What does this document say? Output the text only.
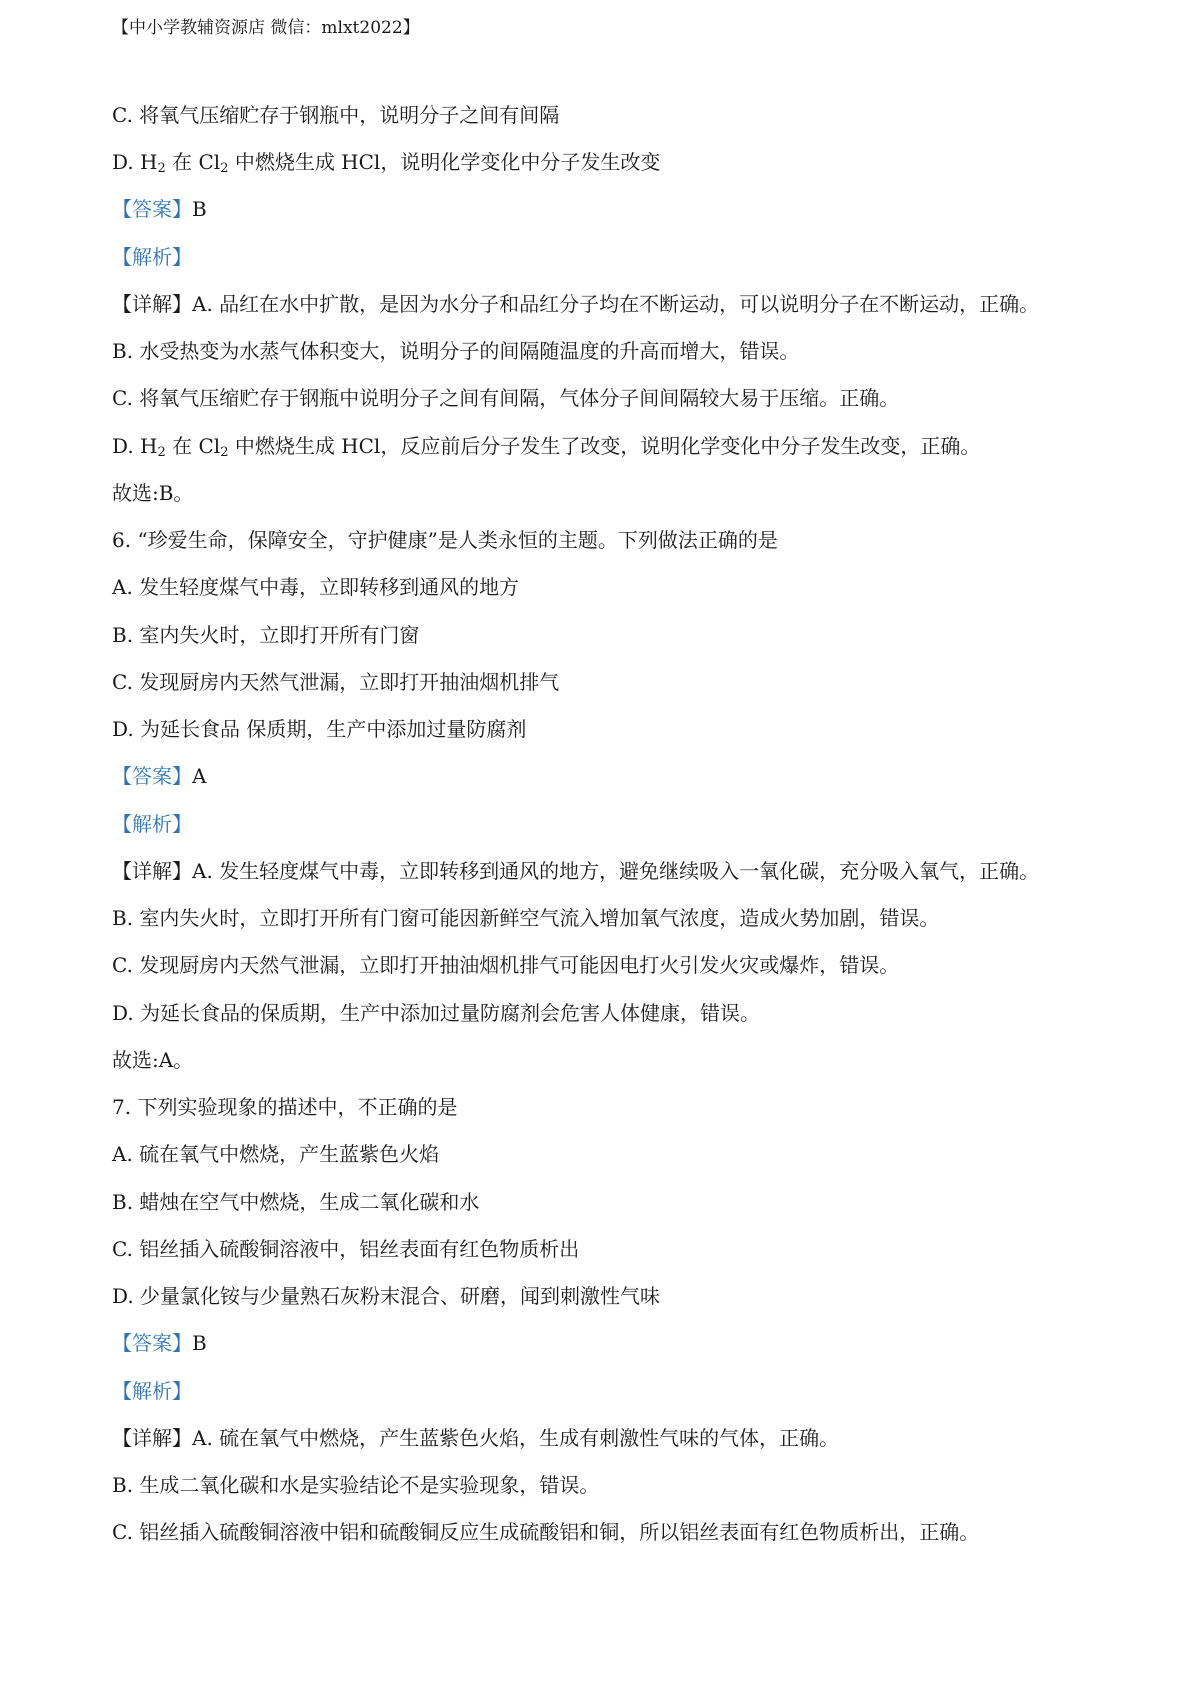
【中小学教辅资源店 微信：mlxt2022】
C. 将氧气压缩贮存于钢瓶中，说明分子之间有间隔
D. $H_2$ 在 $Cl_2$ 中燃烧生成 HCl，说明化学变化中分子发生改变
【答案】B
【解析】
【详解】A. 品红在水中扩散，是因为水分子和品红分子均在不断运动，可以说明分子在不断运动，正确。
B. 水受热变为水蒸气体积变大，说明分子的间隔随温度的升高而增大，错误。
C. 将氧气压缩贮存于钢瓶中说明分子之间有间隔，气体分子间间隔较大易于压缩。正确。
D. $H_2$ 在 $Cl_2$ 中燃烧生成 HCl，反应前后分子发生了改变，说明化学变化中分子发生改变，正确。
故选:B。
6. “珍爱生命，保障安全，守护健康”是人类永恒的主题。下列做法正确的是
A. 发生轻度煤气中毒，立即转移到通风的地方
B. 室内失火时，立即打开所有门窗
C. 发现厨房内天然气泄漏，立即打开抽油烟机排气
D. 为延长食品 保质期，生产中添加过量防腐剂
【答案】A
【解析】
【详解】A. 发生轻度煤气中毒，立即转移到通风的地方，避免继续吸入一氧化碳，充分吸入氧气，正确。
B. 室内失火时，立即打开所有门窗可能因新鲜空气流入增加氧气浓度，造成火势加剧，错误。
C. 发现厨房内天然气泄漏，立即打开抽油烟机排气可能因电打火引发火灾或爆炸，错误。
D. 为延长食品的保质期，生产中添加过量防腐剂会危害人体健康，错误。
故选:A。
7. 下列实验现象的描述中，不正确的是
A. 硫在氧气中燃烧，产生蓝紫色火焰
B. 蜡烛在空气中燃烧，生成二氧化碳和水
C. 铝丝插入硫酸铜溶液中，铝丝表面有红色物质析出
D. 少量氯化铵与少量熟石灰粉末混合、研磨，闻到刺激性气味
【答案】B
【解析】
【详解】A. 硫在氧气中燃烧，产生蓝紫色火焰，生成有刺激性气味的气体，正确。
B. 生成二氧化碳和水是实验结论不是实验现象，错误。
C. 铝丝插入硫酸铜溶液中铝和硫酸铜反应生成硫酸铝和铜，所以铝丝表面有红色物质析出，正确。
